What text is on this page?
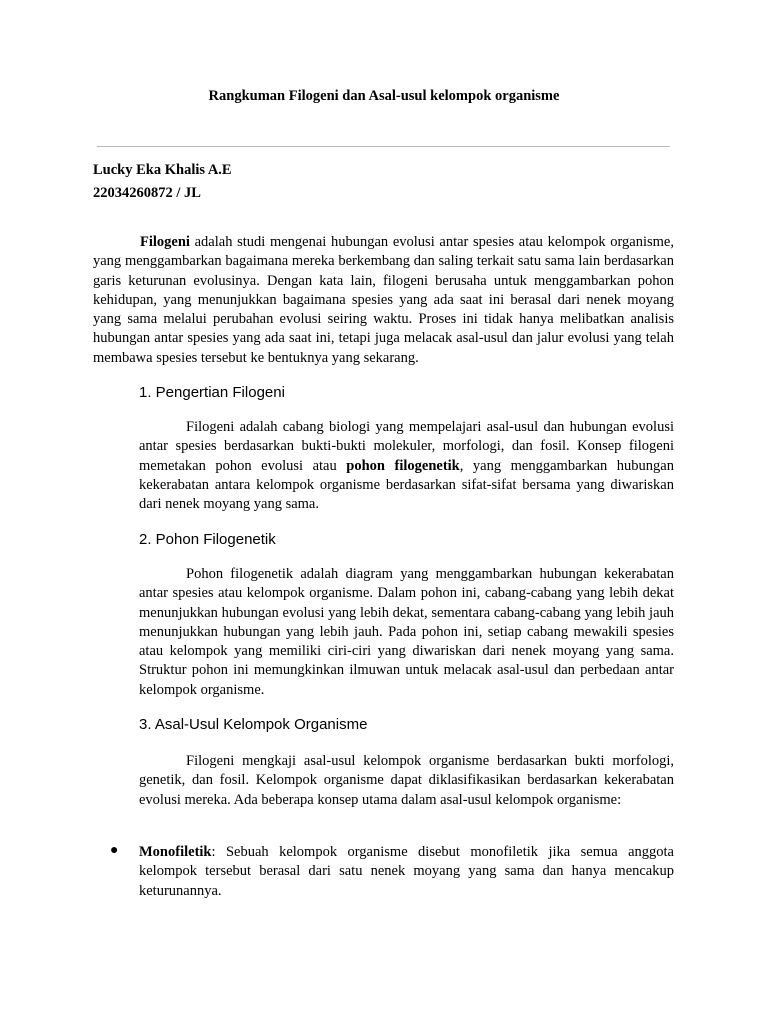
Rangkuman Filogeni dan Asal-usul kelompok organisme
Lucky Eka Khalis A.E
22034260872 / JL
Filogeni adalah studi mengenai hubungan evolusi antar spesies atau kelompok organisme, yang menggambarkan bagaimana mereka berkembang dan saling terkait satu sama lain berdasarkan garis keturunan evolusinya. Dengan kata lain, filogeni berusaha untuk menggambarkan pohon kehidupan, yang menunjukkan bagaimana spesies yang ada saat ini berasal dari nenek moyang yang sama melalui perubahan evolusi seiring waktu. Proses ini tidak hanya melibatkan analisis hubungan antar spesies yang ada saat ini, tetapi juga melacak asal-usul dan jalur evolusi yang telah membawa spesies tersebut ke bentuknya yang sekarang.
1. Pengertian Filogeni
Filogeni adalah cabang biologi yang mempelajari asal-usul dan hubungan evolusi antar spesies berdasarkan bukti-bukti molekuler, morfologi, dan fosil. Konsep filogeni memetakan pohon evolusi atau pohon filogenetik, yang menggambarkan hubungan kekerabatan antara kelompok organisme berdasarkan sifat-sifat bersama yang diwariskan dari nenek moyang yang sama.
2. Pohon Filogenetik
Pohon filogenetik adalah diagram yang menggambarkan hubungan kekerabatan antar spesies atau kelompok organisme. Dalam pohon ini, cabang-cabang yang lebih dekat menunjukkan hubungan evolusi yang lebih dekat, sementara cabang-cabang yang lebih jauh menunjukkan hubungan yang lebih jauh. Pada pohon ini, setiap cabang mewakili spesies atau kelompok yang memiliki ciri-ciri yang diwariskan dari nenek moyang yang sama. Struktur pohon ini memungkinkan ilmuwan untuk melacak asal-usul dan perbedaan antar kelompok organisme.
3. Asal-Usul Kelompok Organisme
Filogeni mengkaji asal-usul kelompok organisme berdasarkan bukti morfologi, genetik, dan fosil. Kelompok organisme dapat diklasifikasikan berdasarkan kekerabatan evolusi mereka. Ada beberapa konsep utama dalam asal-usul kelompok organisme:
● Monofiletik: Sebuah kelompok organisme disebut monofiletik jika semua anggota kelompok tersebut berasal dari satu nenek moyang yang sama dan hanya mencakup keturunannya.
